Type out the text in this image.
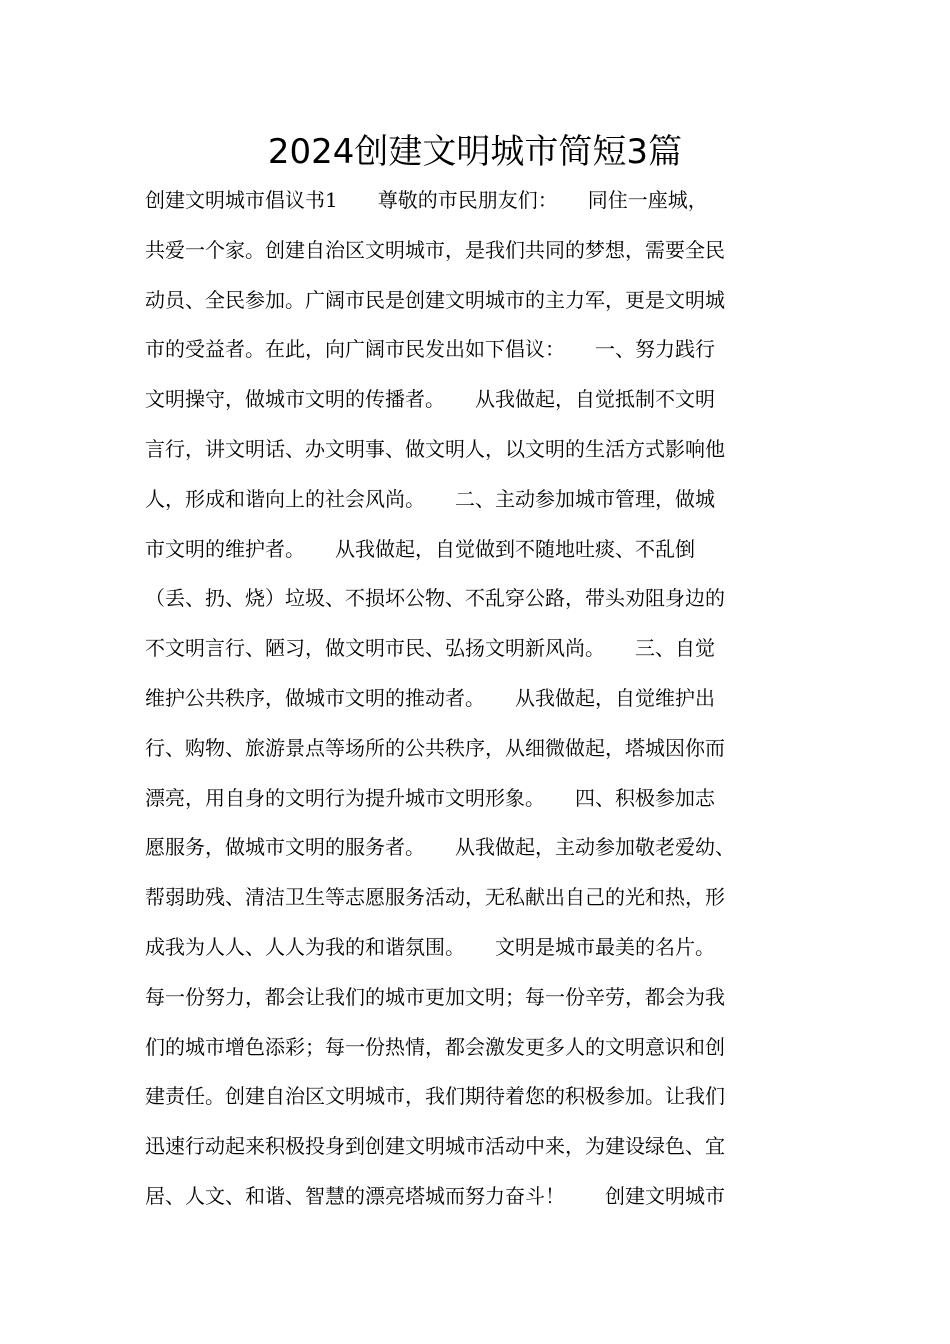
2024创建文明城市简短3篇
创建文明城市倡议书1　　尊敬的市民朋友们：　　同住一座城，
共爱一个家。创建自治区文明城市，是我们共同的梦想，需要全民
动员、全民参加。广阔市民是创建文明城市的主力军，更是文明城
市的受益者。在此，向广阔市民发出如下倡议：　　一、努力践行
文明操守，做城市文明的传播者。　　从我做起，自觉抵制不文明
言行，讲文明话、办文明事、做文明人，以文明的生活方式影响他
人，形成和谐向上的社会风尚。　　二、主动参加城市管理，做城
市文明的维护者。　　从我做起，自觉做到不随地吐痰、不乱倒
（丢、扔、烧）垃圾、不损坏公物、不乱穿公路，带头劝阻身边的
不文明言行、陋习，做文明市民、弘扬文明新风尚。　　三、自觉
维护公共秩序，做城市文明的推动者。　　从我做起，自觉维护出
行、购物、旅游景点等场所的公共秩序，从细微做起，塔城因你而
漂亮，用自身的文明行为提升城市文明形象。　　四、积极参加志
愿服务，做城市文明的服务者。　　从我做起，主动参加敬老爱幼、
帮弱助残、清洁卫生等志愿服务活动，无私献出自己的光和热，形
成我为人人、人人为我的和谐氛围。　　文明是城市最美的名片。
每一份努力，都会让我们的城市更加文明；每一份辛劳，都会为我
们的城市增色添彩；每一份热情，都会激发更多人的文明意识和创
建责任。创建自治区文明城市，我们期待着您的积极参加。让我们
迅速行动起来积极投身到创建文明城市活动中来，为建设绿色、宜
居、人文、和谐、智慧的漂亮塔城而努力奋斗！　　创建文明城市
